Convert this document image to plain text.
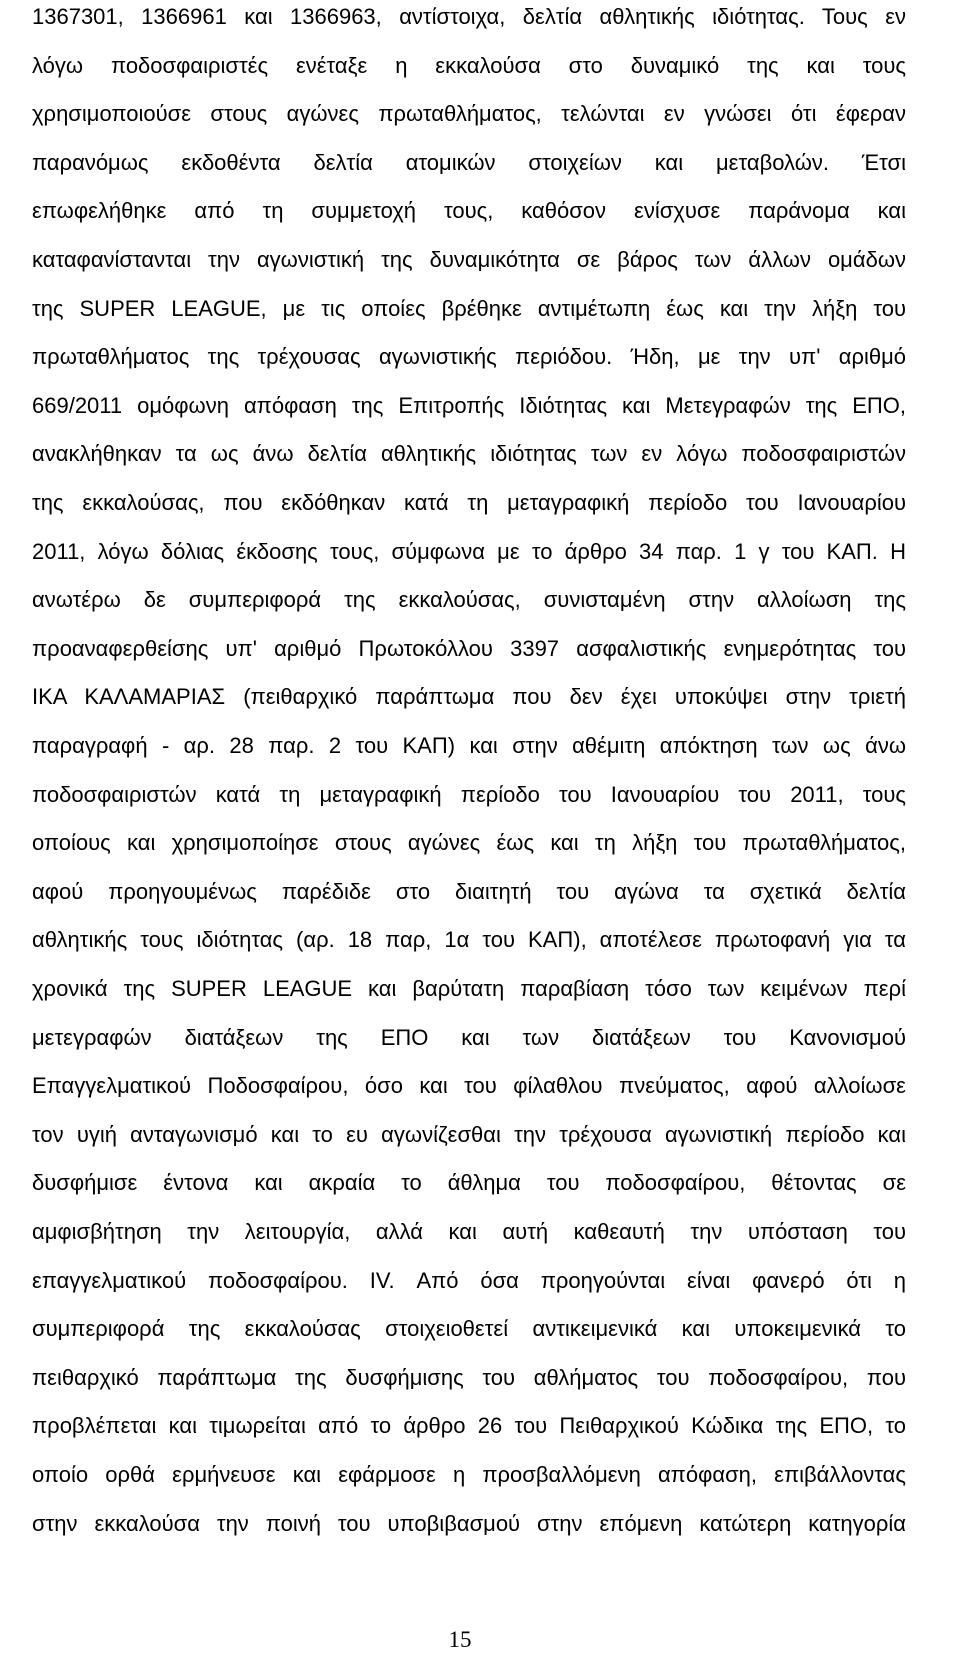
1367301, 1366961 και 1366963, αντίστοιχα, δελτία αθλητικής ιδιότητας. Τους εν
λόγω ποδοσφαιριστές ενέταξε η εκκαλούσα στο δυναμικό της και τους
χρησιμοποιούσε στους αγώνες πρωταθλήματος, τελώνται εν γνώσει ότι έφεραν
παρανόμως εκδοθέντα δελτία ατομικών στοιχείων και μεταβολών. Έτσι
επωφελήθηκε από τη συμμετοχή τους, καθόσον ενίσχυσε παράνομα και
καταφανίστανται την αγωνιστική της δυναμικότητα σε βάρος των άλλων ομάδων
της SUPER LEAGUE, με τις οποίες βρέθηκε αντιμέτωπη έως και την λήξη του
πρωταθλήματος της τρέχουσας αγωνιστικής περιόδου. Ήδη, με την υπ' αριθμό
669/2011 ομόφωνη απόφαση της Επιτροπής Ιδιότητας και Μετεγραφών της ΕΠΟ,
ανακλήθηκαν τα ως άνω δελτία αθλητικής ιδιότητας των εν λόγω ποδοσφαιριστών
της εκκαλούσας, που εκδόθηκαν κατά τη μεταγραφική περίοδο του Ιανουαρίου
2011, λόγω δόλιας έκδοσης τους, σύμφωνα με το άρθρο 34 παρ. 1 γ του ΚΑΠ. Η
ανωτέρω δε συμπεριφορά της εκκαλούσας, συνισταμένη στην αλλοίωση της
προαναφερθείσης υπ' αριθμό Πρωτοκόλλου 3397 ασφαλιστικής ενημερότητας του
ΙΚΑ ΚΑΛΑΜΑΡΙΑΣ (πειθαρχικό παράπτωμα που δεν έχει υποκύψει στην τριετή
παραγραφή - αρ. 28 παρ. 2 του ΚΑΠ) και στην αθέμιτη απόκτηση των ως άνω
ποδοσφαιριστών κατά τη μεταγραφική περίοδο του Ιανουαρίου του 2011, τους
οποίους και χρησιμοποίησε στους αγώνες έως και τη λήξη του πρωταθλήματος,
αφού προηγουμένως παρέδιδε στο διαιτητή του αγώνα τα σχετικά δελτία
αθλητικής τους ιδιότητας (αρ. 18 παρ, 1α του ΚΑΠ), αποτέλεσε πρωτοφανή για τα
χρονικά της SUPER LEAGUE και βαρύτατη παραβίαση τόσο των κειμένων περί
μετεγραφών διατάξεων της ΕΠΟ και των διατάξεων του Κανονισμού
Επαγγελματικού Ποδοσφαίρου, όσο και του φίλαθλου πνεύματος, αφού αλλοίωσε
τον υγιή ανταγωνισμό και το ευ αγωνίζεσθαι την τρέχουσα αγωνιστική περίοδο και
δυσφήμισε έντονα και ακραία το άθλημα του ποδοσφαίρου, θέτοντας σε
αμφισβήτηση την λειτουργία, αλλά και αυτή καθεαυτή την υπόσταση του
επαγγελματικού ποδοσφαίρου. IV. Από όσα προηγούνται είναι φανερό ότι η
συμπεριφορά της εκκαλούσας στοιχειοθετεί αντικειμενικά και υποκειμενικά το
πειθαρχικό παράπτωμα της δυσφήμισης του αθλήματος του ποδοσφαίρου, που
προβλέπεται και τιμωρείται από το άρθρο 26 του Πειθαρχικού Κώδικα της ΕΠΟ, το
οποίο ορθά ερμήνευσε και εφάρμοσε η προσβαλλόμενη απόφαση, επιβάλλοντας
στην εκκαλούσα την ποινή του υποβιβασμού στην επόμενη κατώτερη κατηγορία
15
